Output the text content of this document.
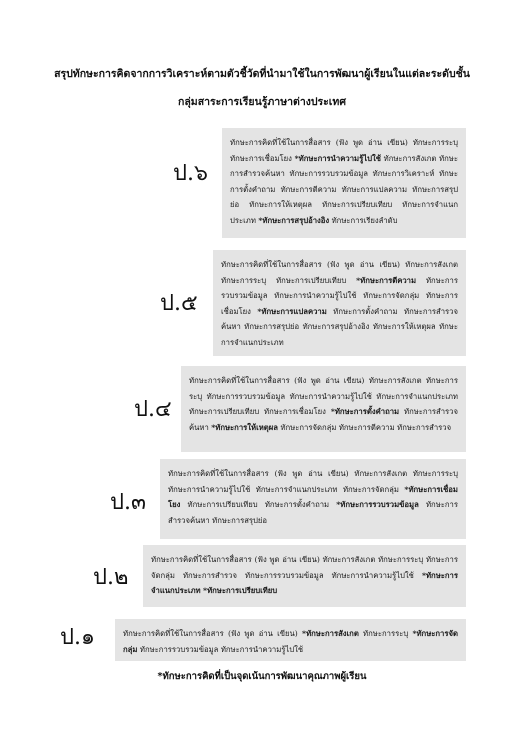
สรุปทักษะการคิดจากการวิเคราะห์ตามตัวชี้วัดที่นำมาใช้ในการพัฒนาผู้เรียนในแต่ละระดับชั้น
กลุ่มสาระการเรียนรู้ภาษาต่างประเทศ
ป.๖
ทักษะการคิดที่ใช้ในการสื่อสาร (ฟัง พูด อ่าน เขียน) ทักษะการระบุ ทักษะการเชื่อมโยง *ทักษะการนำความรู้ไปใช้ ทักษะการสังเกต ทักษะการสำรวจค้นหา ทักษะการรวบรวมข้อมูล ทักษะการวิเคราะห์ ทักษะการตั้งคำถาม ทักษะการตีความ ทักษะการแปลความ ทักษะการสรุปย่อ ทักษะการให้เหตุผล ทักษะการเปรียบเทียบ ทักษะการจำแนกประเภท *ทักษะการสรุปอ้างอิง ทักษะการเรียงลำดับ
ป.๕
ทักษะการคิดที่ใช้ในการสื่อสาร (ฟัง พูด อ่าน เขียน) ทักษะการสังเกต ทักษะการระบุ ทักษะการเปรียบเทียบ *ทักษะการตีความ ทักษะการรวบรวมข้อมูล ทักษะการนำความรู้ไปใช้ ทักษะการจัดกลุ่ม ทักษะการเชื่อมโยง *ทักษะการแปลความ ทักษะการตั้งคำถาม ทักษะการสำรวจค้นหา ทักษะการสรุปย่อ ทักษะการสรุปอ้างอิง ทักษะการให้เหตุผล ทักษะการจำแนกประเภท
ป.๔
ทักษะการคิดที่ใช้ในการสื่อสาร (ฟัง พูด อ่าน เขียน) ทักษะการสังเกต ทักษะการระบุ ทักษะการรวบรวมข้อมูล ทักษะการนำความรู้ไปใช้ ทักษะการจำแนกประเภท ทักษะการเปรียบเทียบ ทักษะการเชื่อมโยง *ทักษะการตั้งคำถาม ทักษะการสำรวจค้นหา *ทักษะการให้เหตุผล ทักษะการจัดกลุ่ม ทักษะการตีความ ทักษะการสำรวจ
ป.๓
ทักษะการคิดที่ใช้ในการสื่อสาร (ฟัง พูด อ่าน เขียน) ทักษะการสังเกต ทักษะการระบุ ทักษะการนำความรู้ไปใช้ ทักษะการจำแนกประเภท ทักษะการจัดกลุ่ม *ทักษะการเชื่อมโยง ทักษะการเปรียบเทียบ ทักษะการตั้งคำถาม *ทักษะการรวบรวมข้อมูล ทักษะการสำรวจค้นหา ทักษะการสรุปย่อ
ป.๒
ทักษะการคิดที่ใช้ในการสื่อสาร (ฟัง พูด อ่าน เขียน) ทักษะการสังเกต ทักษะการระบุ ทักษะการจัดกลุ่ม ทักษะการสำรวจ ทักษะการรวบรวมข้อมูล ทักษะการนำความรู้ไปใช้ *ทักษะการจำแนกประเภท *ทักษะการเปรียบเทียบ
ป.๑	ทักษะการคิดที่ใช้ในการสื่อสาร (ฟัง พูด อ่าน เขียน) *ทักษะการสังเกต ทักษะการระบุ *ทักษะการจัดกลุ่ม ทักษะการรวบรวมข้อมูล ทักษะการนำความรู้ไปใช้
*ทักษะการคิดที่เป็นจุดเน้นการพัฒนาคุณภาพผู้เรียน
